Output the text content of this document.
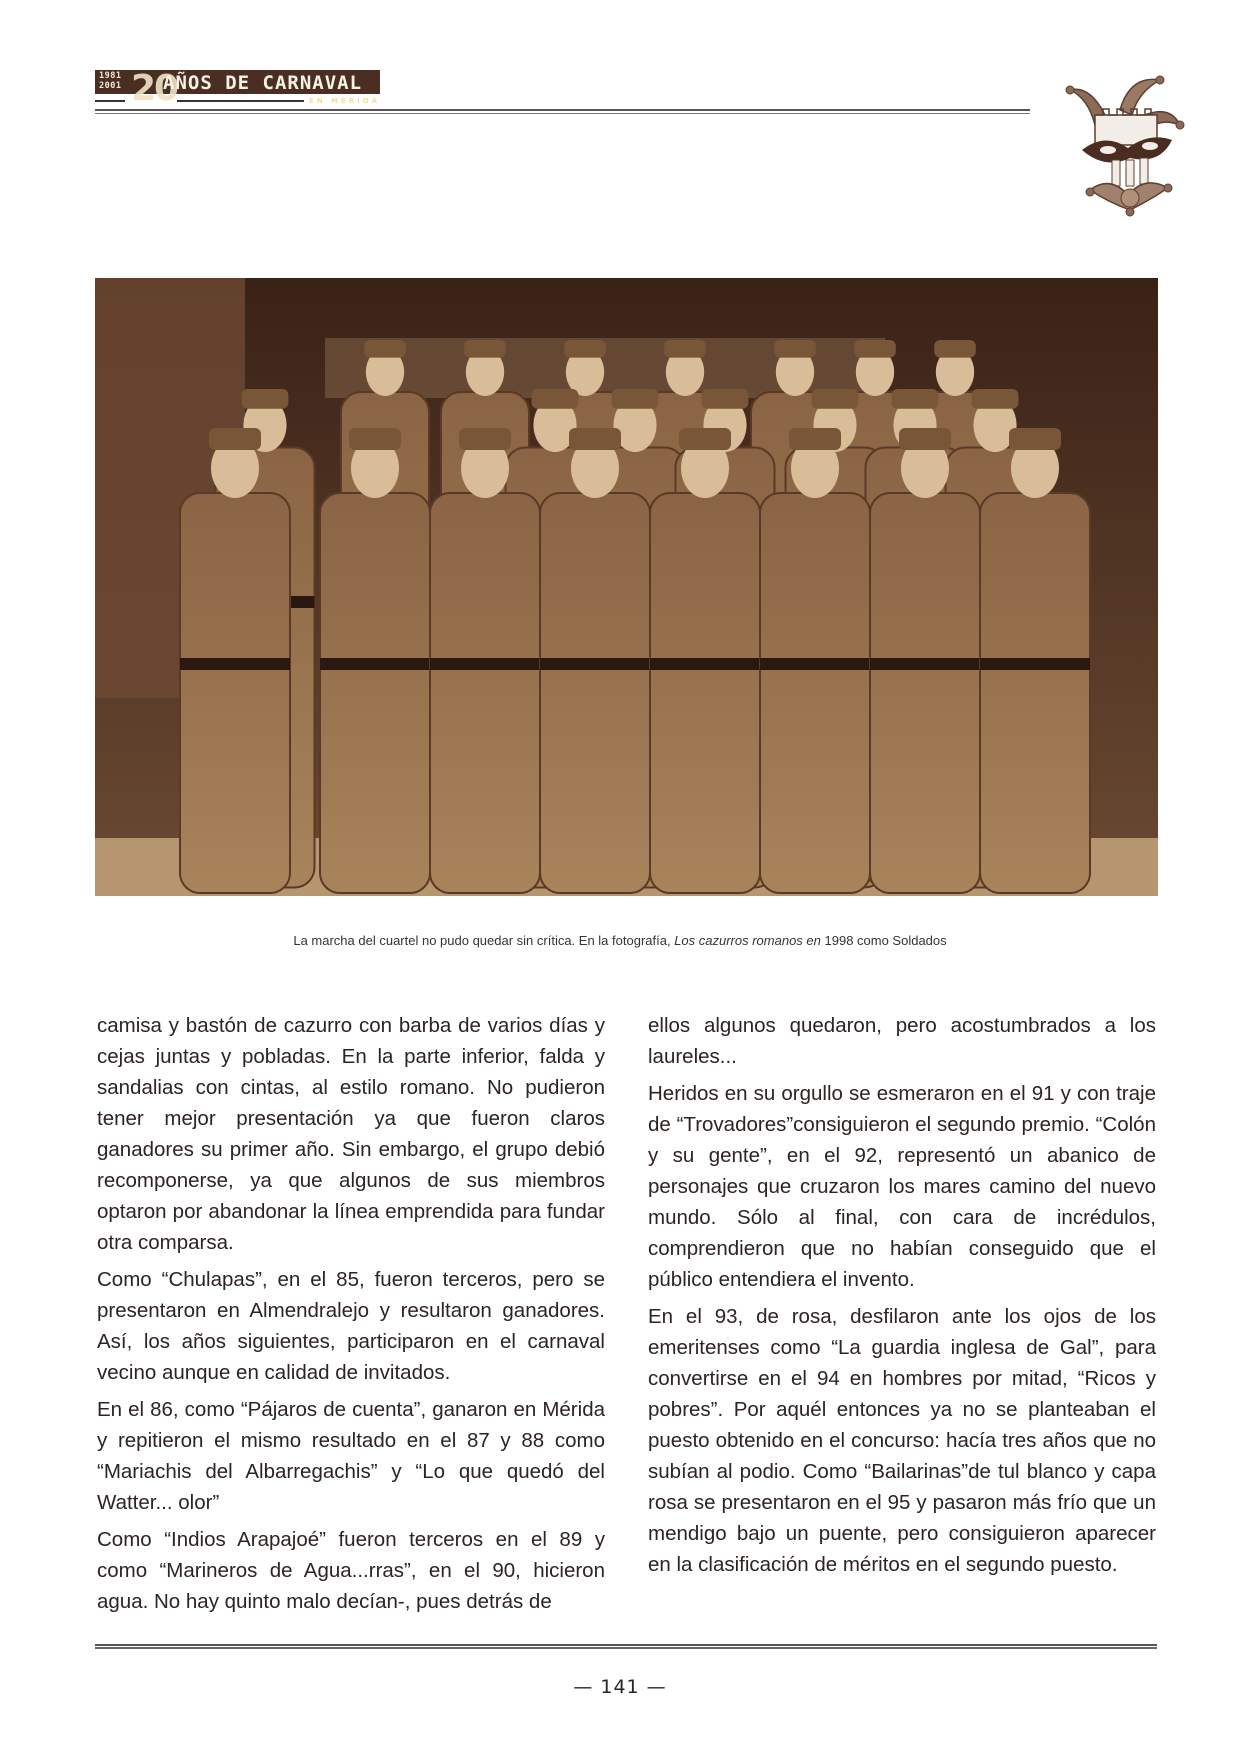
1981
2001 20
AÑOS DE CARNAVAL
EN MÉRIDA
La marcha del cuartel no pudo quedar sin crítica. En la fotografía, Los cazurros romanos en 1998 como Soldados

camisa y bastón de cazurro con barba de varios días y cejas juntas y pobladas. En la parte inferior, falda y sandalias con cintas, al estilo romano. No pudieron tener mejor presentación ya que fueron claros ganadores su primer año. Sin embargo, el grupo debió recomponerse, ya que algunos de sus miembros optaron por abandonar la línea emprendida para fundar otra comparsa.

Como “Chulapas”, en el 85, fueron terceros, pero se presentaron en Almendralejo y resultaron ganadores. Así, los años siguientes, participaron en el carnaval vecino aunque en calidad de invitados.

En el 86, como “Pájaros de cuenta”, ganaron en Mérida y repitieron el mismo resultado en el 87 y 88 como “Mariachis del Albarregachis” y “Lo que quedó del Watter... olor”

Como “Indios Arapajoé” fueron terceros en el 89 y como “Marineros de Agua...rras”, en el 90, hicieron agua. No hay quinto malo decían-, pues detrás de

ellos algunos quedaron, pero acostumbrados a los laureles...

Heridos en su orgullo se esmeraron en el 91 y con traje de “Trovadores”consiguieron el segundo premio. “Colón y su gente”, en el 92, representó un abanico de personajes que cruzaron los mares camino del nuevo mundo. Sólo al final, con cara de incrédulos, comprendieron que no habían conseguido que el público entendiera el invento.

En el 93, de rosa, desfilaron ante los ojos de los emeritenses como “La guardia inglesa de Gal”, para convertirse en el 94 en hombres por mitad, “Ricos y pobres”. Por aquél entonces ya no se planteaban el puesto obtenido en el concurso: hacía tres años que no subían al podio. Como “Bailarinas”de tul blanco y capa rosa se presentaron en el 95 y pasaron más frío que un mendigo bajo un puente, pero consiguieron aparecer en la clasificación de méritos en el segundo puesto.

— 141 —
